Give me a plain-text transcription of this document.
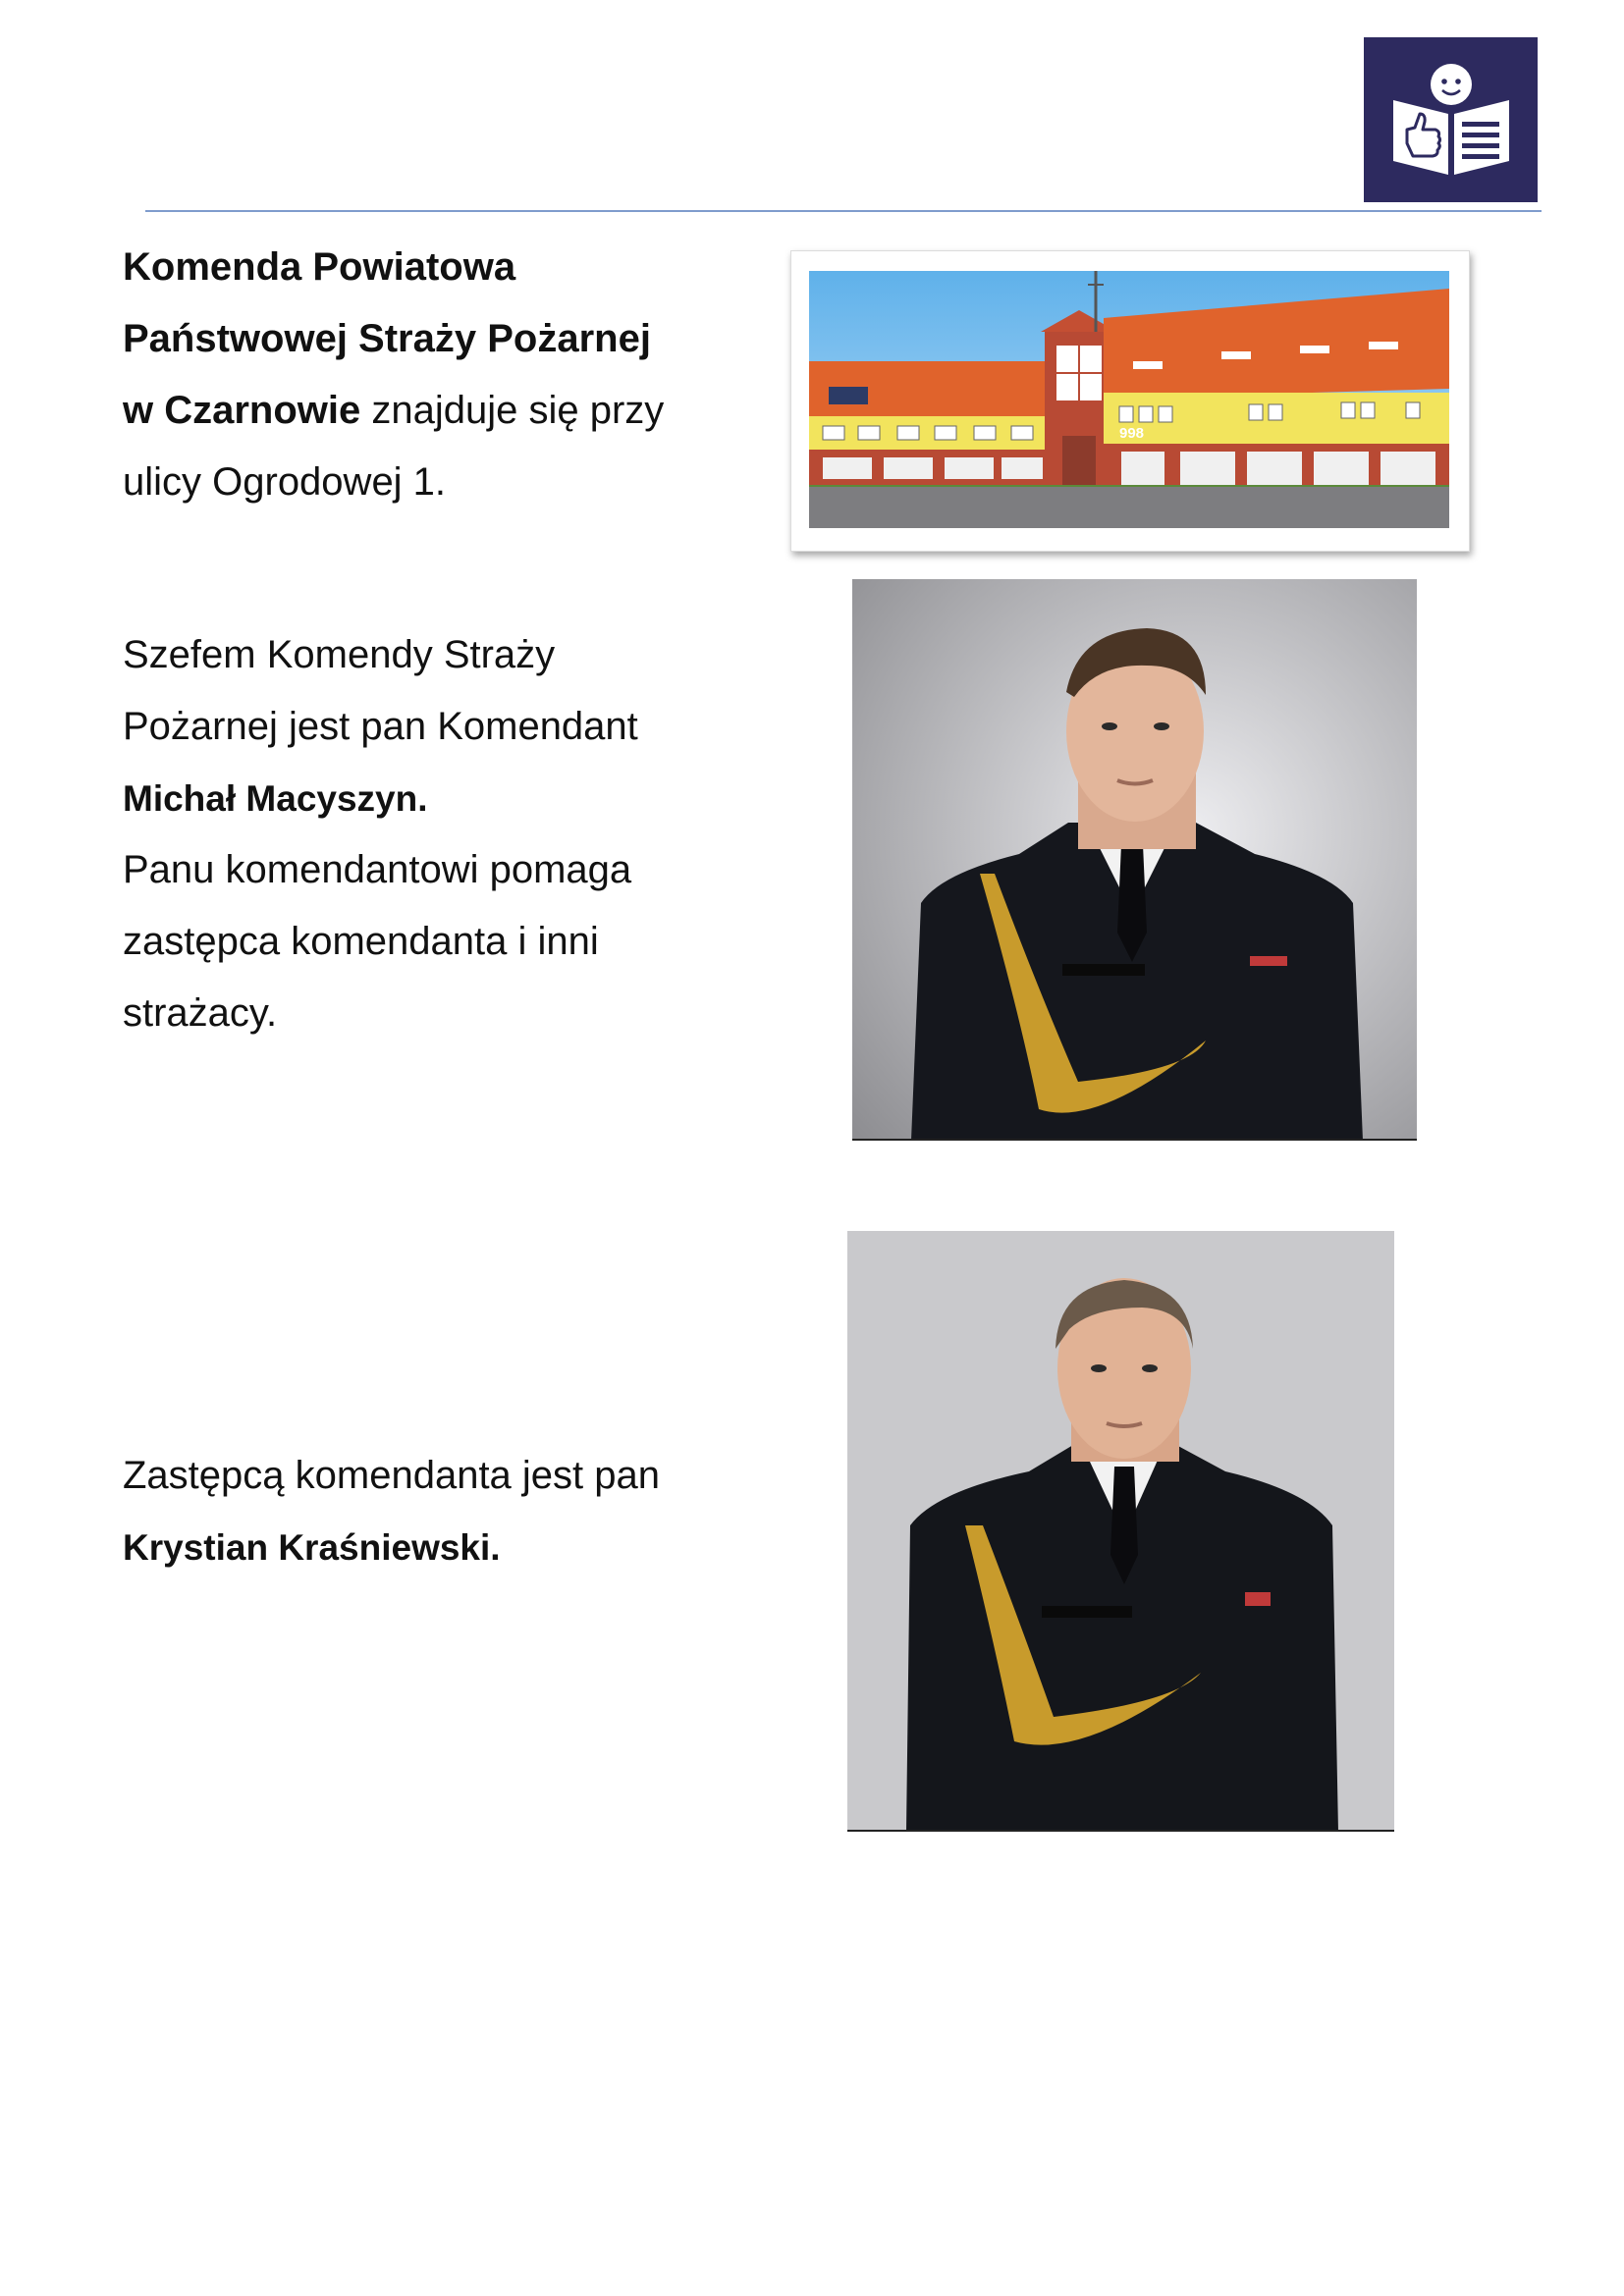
Komenda Powiatowa
Państwowej Straży Pożarnej
w Czarnowie znajduje się przy
ulicy Ogrodowej 1.

998

Szefem Komendy Straży
Pożarnej jest pan Komendant
Michał Macyszyn.
Panu komendantowi pomaga
zastępca komendanta i inni
strażacy.

Zastępcą komendanta jest pan
Krystian Kraśniewski.
